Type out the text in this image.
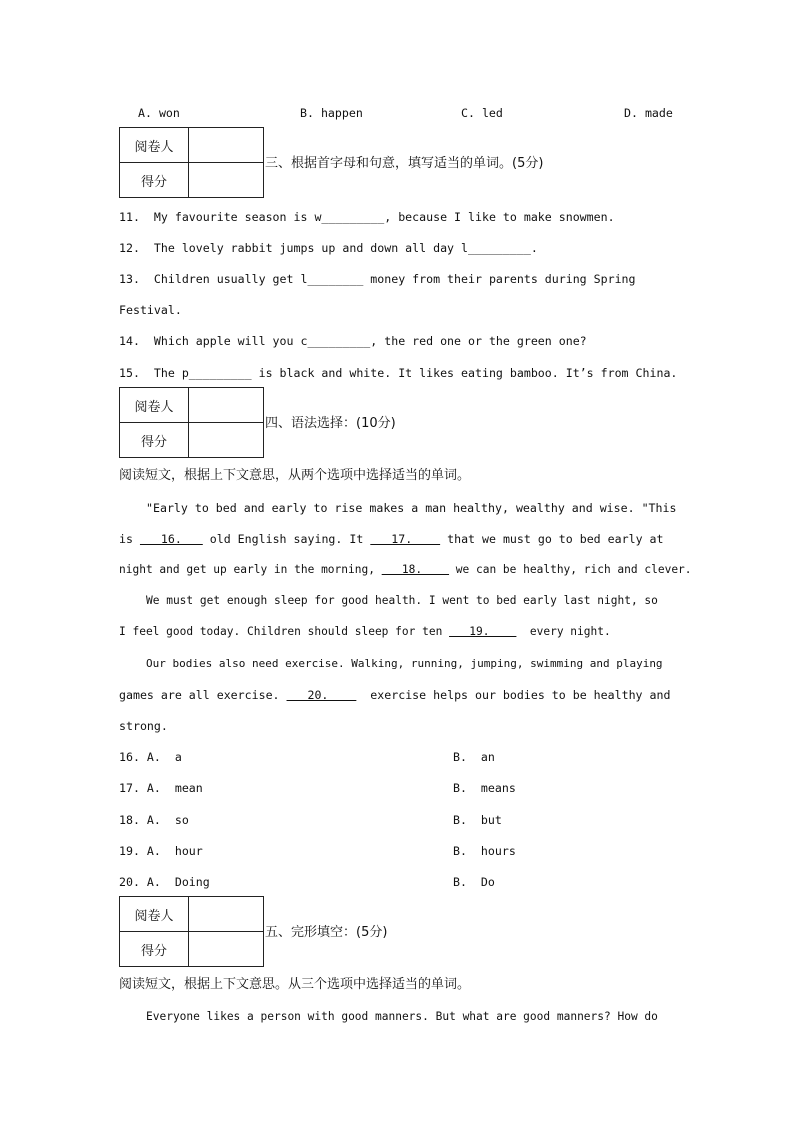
A. won	B. happen	C. led	D. made
阅卷人	
得分	
三、根据首字母和句意，填写适当的单词。(5分)
11.  My favourite season is w_________, because I like to make snowmen.
12.  The lovely rabbit jumps up and down all day l_________.
13.  Children usually get l________ money from their parents during Spring
Festival.
14.  Which apple will you c_________, the red one or the green one?
15.  The p_________ is black and white. It likes eating bamboo. It’s from China.
阅卷人	
得分	
四、语法选择：(10分)
阅读短文，根据上下文意思，从两个选项中选择适当的单词。
"Early to bed and early to rise makes a man healthy, wealthy and wise. "This
is    16.    old English saying. It    17.     that we must go to bed early at
night and get up early in the morning,    18.     we can be healthy, rich and clever.
We must get enough sleep for good health. I went to bed early last night, so
I feel good today. Children should sleep for ten    19.      every night.
Our bodies also need exercise. Walking, running, jumping, swimming and playing
games are all exercise.    20.      exercise helps our bodies to be healthy and
strong.
16. A.  a	B.  an
17. A.  mean	B.  means
18. A.  so	B.  but
19. A.  hour	B.  hours
20. A.  Doing	B.  Do
阅卷人	
得分	
五、完形填空：(5分)
阅读短文，根据上下文意思。从三个选项中选择适当的单词。
Everyone likes a person with good manners. But what are good manners? How do
